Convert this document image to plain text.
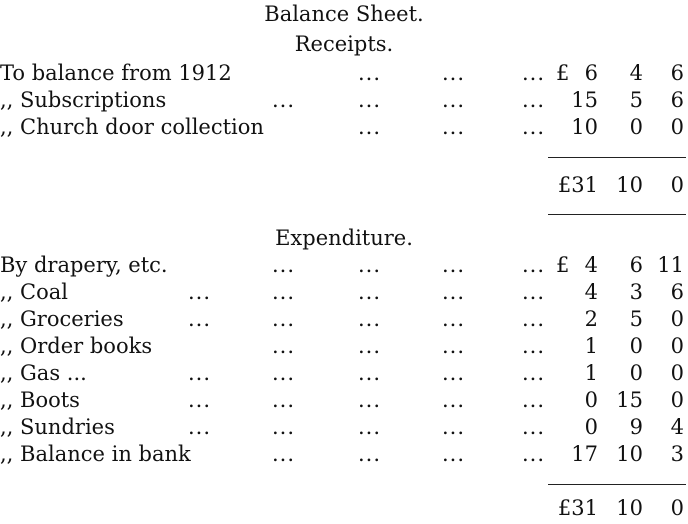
Balance Sheet.
Receipts.
To balance from 1912	...	...	... £ 6 4 6
,, Subscriptions	...	...	...	... 15 5 6
,, Church door collection	...	...	... 10 0 0
£31 10 0
Expenditure.
By drapery, etc.	...	...	...	... £ 4 6 11
,, Coal	...	...	...	...	... 4 3 6
,, Groceries	...	...	...	...	... 2 5 0
,, Order books	...	...	...	... 1 0 0
,, Gas ...	...	...	...	...	... 1 0 0
,, Boots	...	...	...	...	... 0 15 0
,, Sundries	...	...	...	...	... 0 9 4
,, Balance in bank	...	...	...	... 17 10 3
£31 10 0
